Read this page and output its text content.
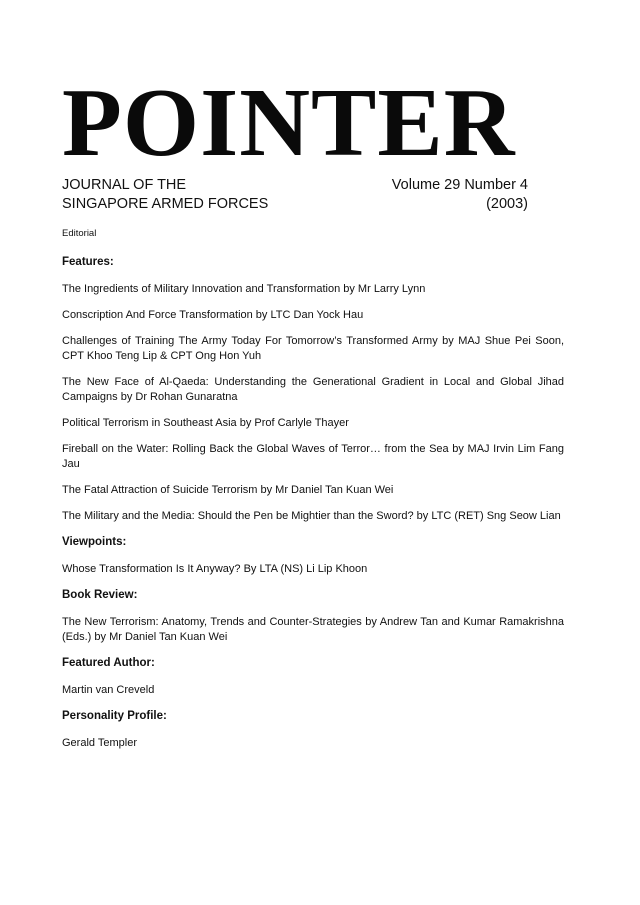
POINTER
JOURNAL OF THE	Volume 29 Number 4
SINGAPORE ARMED FORCES	(2003)
Editorial
Features:
The Ingredients of Military Innovation and Transformation by Mr Larry Lynn
Conscription And Force Transformation by LTC Dan Yock Hau
Challenges of Training The Army Today For Tomorrow’s Transformed Army by MAJ Shue Pei Soon, CPT Khoo Teng Lip & CPT Ong Hon Yuh
The New Face of Al-Qaeda: Understanding the Generational Gradient in Local and Global Jihad Campaigns by Dr Rohan Gunaratna
Political Terrorism in Southeast Asia by Prof Carlyle Thayer
Fireball on the Water: Rolling Back the Global Waves of Terror… from the Sea by MAJ Irvin Lim Fang Jau
The Fatal Attraction of Suicide Terrorism by Mr Daniel Tan Kuan Wei
The Military and the Media: Should the Pen be Mightier than the Sword? by LTC (RET) Sng Seow Lian
Viewpoints:
Whose Transformation Is It Anyway? By LTA (NS) Li Lip Khoon
Book Review:
The New Terrorism: Anatomy, Trends and Counter-Strategies by Andrew Tan and Kumar Ramakrishna (Eds.) by Mr Daniel Tan Kuan Wei
Featured Author:
Martin van Creveld
Personality Profile:
Gerald Templer
